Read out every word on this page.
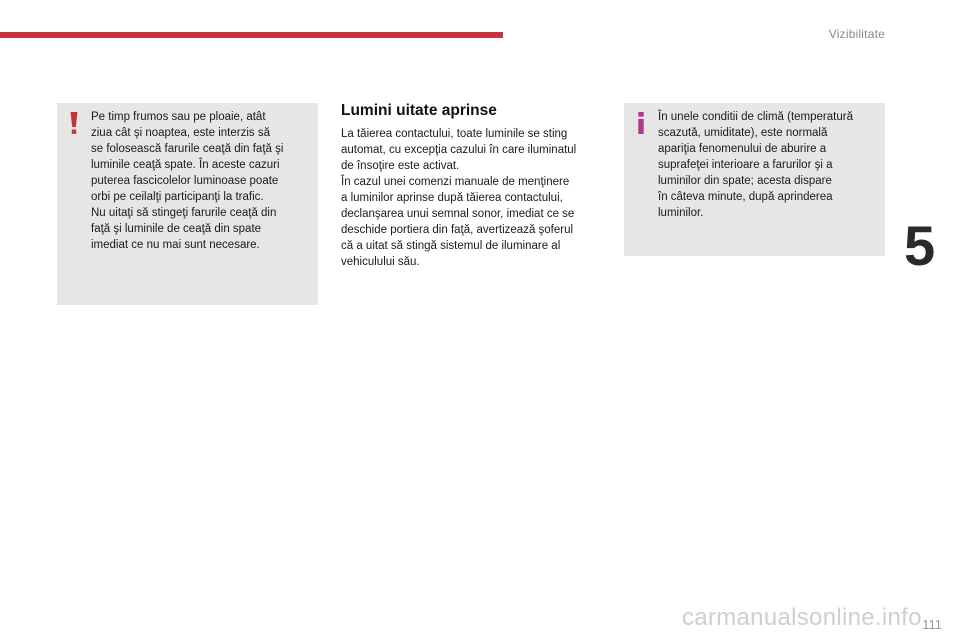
Vizibilitate

Pe timp frumos sau pe ploaie, atât

ziua cât şi noaptea, este interzis să

se folosească farurile ceaţă din faţă şi

luminile ceaţă spate. În aceste cazuri

puterea fascicolelor luminoase poate

orbi pe ceilalţi participanţi la trafic.

Nu uitaţi să stingeţi farurile ceaţă din

faţă şi luminile de ceaţă din spate

imediat ce nu mai sunt necesare.

Lumini uitate aprinse

La tăierea contactului, toate luminile se sting

automat, cu excepţia cazului în care iluminatul

de însoţire este activat.

În cazul unei comenzi manuale de menţinere

a luminilor aprinse după tăierea contactului,

declanşarea unui semnal sonor, imediat ce se

deschide portiera din faţă, avertizează şoferul

că a uitat să stingă sistemul de iluminare al

vehiculului său.

În unele conditii de climă (temperatură

scazută, umiditate), este normală

apariţia fenomenului de aburire a

suprafeţei interioare a farurilor şi a

luminilor din spate; acesta dispare

în câteva minute, după aprinderea

luminilor.

5
carmanualsonline.info 111
